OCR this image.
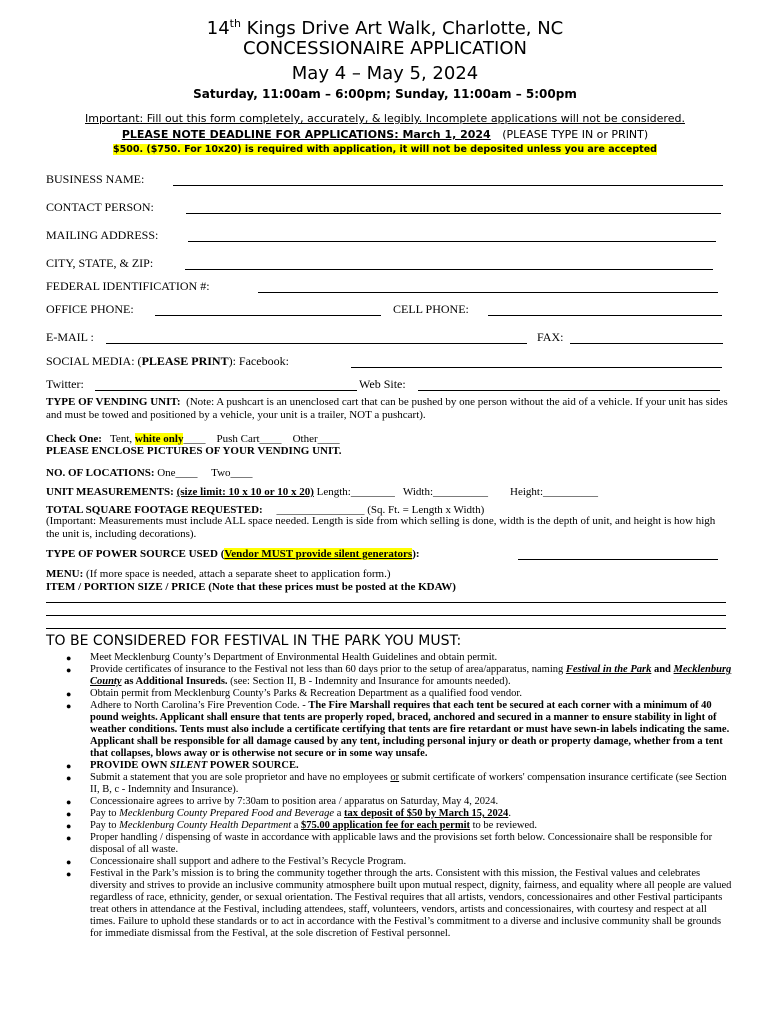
14th Kings Drive Art Walk, Charlotte, NC
CONCESSIONAIRE APPLICATION
May 4 – May 5, 2024
Saturday, 11:00am – 6:00pm; Sunday, 11:00am – 5:00pm
Important: Fill out this form completely, accurately, & legibly. Incomplete applications will not be considered.
PLEASE NOTE DEADLINE FOR APPLICATIONS: March 1, 2024 (PLEASE TYPE IN or PRINT)
$500. ($750. For 10x20) is required with application, it will not be deposited unless you are accepted
BUSINESS NAME:
CONTACT PERSON:
MAILING ADDRESS:
CITY, STATE, & ZIP:
FEDERAL IDENTIFICATION #:
OFFICE PHONE:	CELL PHONE:
E-MAIL :	FAX:
SOCIAL MEDIA: (PLEASE PRINT): Facebook:
Twitter:	Web Site:
TYPE OF VENDING UNIT: (Note: A pushcart is an unenclosed cart that can be pushed by one person without the aid of a vehicle. If your unit has sides and must be towed and positioned by a vehicle, your unit is a trailer, NOT a pushcart).
Check One: Tent, white only____ Push Cart____ Other____
PLEASE ENCLOSE PICTURES OF YOUR VENDING UNIT.
NO. OF LOCATIONS: One____ Two____
UNIT MEASUREMENTS: (size limit: 10 x 10 or 10 x 20) Length:________ Width:__________ Height:__________
TOTAL SQUARE FOOTAGE REQUESTED: ________________ (Sq. Ft. = Length x Width)
(Important: Measurements must include ALL space needed. Length is side from which selling is done, width is the depth of unit, and height is how high the unit is, including decorations).
TYPE OF POWER SOURCE USED (Vendor MUST provide silent generators):
MENU: (If more space is needed, attach a separate sheet to application form.)
ITEM / PORTION SIZE / PRICE (Note that these prices must be posted at the KDAW)
TO BE CONSIDERED FOR FESTIVAL IN THE PARK YOU MUST:
● Meet Mecklenburg County’s Department of Environmental Health Guidelines and obtain permit.
● Provide certificates of insurance to the Festival not less than 60 days prior to the setup of area/apparatus, naming Festival in the Park and Mecklenburg County as Additional Insureds. (see: Section II, B - Indemnity and Insurance for amounts needed).
● Obtain permit from Mecklenburg County’s Parks & Recreation Department as a qualified food vendor.
● Adhere to North Carolina’s Fire Prevention Code. - The Fire Marshall requires that each tent be secured at each corner with a minimum of 40 pound weights. Applicant shall ensure that tents are properly roped, braced, anchored and secured in a manner to ensure stability in light of weather conditions. Tents must also include a certificate certifying that tents are fire retardant or must have sewn-in labels indicating the same. Applicant shall be responsible for all damage caused by any tent, including personal injury or death or property damage, whether from a tent that collapses, blows away or is otherwise not secure or in some way unsafe.
● PROVIDE OWN SILENT POWER SOURCE.
● Submit a statement that you are sole proprietor and have no employees or submit certificate of workers' compensation insurance certificate (see Section II, B, c - Indemnity and Insurance).
● Concessionaire agrees to arrive by 7:30am to position area / apparatus on Saturday, May 4, 2024.
● Pay to Mecklenburg County Prepared Food and Beverage a tax deposit of $50 by March 15, 2024.
● Pay to Mecklenburg County Health Department a $75.00 application fee for each permit to be reviewed.
● Proper handling / dispensing of waste in accordance with applicable laws and the provisions set forth below. Concessionaire shall be responsible for disposal of all waste.
● Concessionaire shall support and adhere to the Festival’s Recycle Program.
● Festival in the Park’s mission is to bring the community together through the arts. Consistent with this mission, the Festival values and celebrates diversity and strives to provide an inclusive community atmosphere built upon mutual respect, dignity, fairness, and equality where all people are valued regardless of race, ethnicity, gender, or sexual orientation. The Festival requires that all artists, vendors, concessionaires and other Festival participants treat others in attendance at the Festival, including attendees, staff, volunteers, vendors, artists and concessionaires, with courtesy and respect at all times. Failure to uphold these standards or to act in accordance with the Festival’s commitment to a diverse and inclusive community shall be grounds for immediate dismissal from the Festival, at the sole discretion of Festival personnel.
